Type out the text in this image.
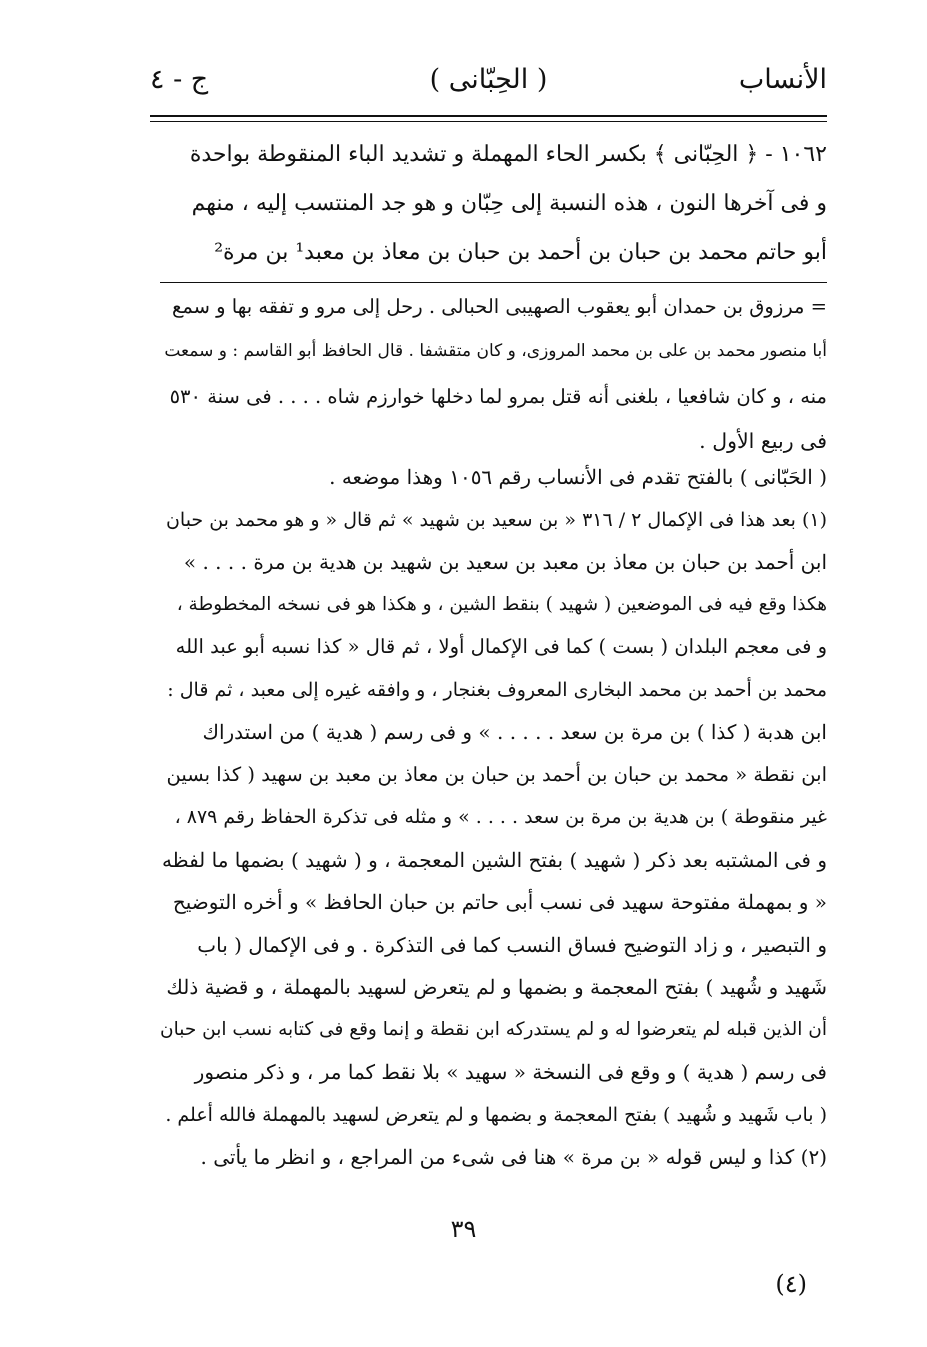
الأنساب
( الحِبّانى )
ج - ٤
١٠٦٢ - ﴿ الحِبّانى ﴾ بكسر الحاء المهملة و تشديد الباء المنقوطة بواحدة
و فى آخرها النون ، هذه النسبة إلى حِبّان و هو جد المنتسب إليه ، منهم
أبو حاتم محمد بن حبان بن أحمد بن حبان بن معاذ بن معبد¹ بن مرة²

= مرزوق بن حمدان أبو يعقوب الصهيبى الحبالى . رحل إلى مرو و تفقه بها و سمع

أبا منصور محمد بن على بن محمد المروزى، و كان متقشفا . قال الحافظ أبو القاسم : و سمعت

منه ، و كان شافعيا ، بلغنى أنه قتل بمرو لما دخلها خوارزم شاه . . . . فى سنة ٥٣٠

فى ربيع الأول .

( الحَبّانى ) بالفتح تقدم فى الأنساب رقم ١٠٥٦ وهذا موضعه .

(١) بعد هذا فى الإكمال ٢ / ٣١٦ « بن سعيد بن شهيد » ثم قال « و هو محمد بن حبان

ابن أحمد بن حبان بن معاذ بن معبد بن سعيد بن شهيد بن هدية بن مرة . . . . »

هكذا وقع فيه فى الموضعين ( شهيد ) بنقط الشين ، و هكذا هو فى نسخه المخطوطة ،

و فى معجم البلدان ( بست ) كما فى الإكمال أولا ، ثم قال « كذا نسبه أبو عبد الله

محمد بن أحمد بن محمد البخارى المعروف بغنجار ، و وافقه غيره إلى معبد ، ثم قال :

ابن هدبة ( كذا ) بن مرة بن سعد . . . . . » و فى رسم ( هدية ) من استدراك

ابن نقطة « محمد بن حبان بن أحمد بن حبان بن معاذ بن معبد بن سهيد ( كذا بسين

غير منقوطة ) بن هدية بن مرة بن سعد . . . . » و مثله فى تذكرة الحفاظ رقم ٨٧٩ ،

و فى المشتبه بعد ذكر ( شهيد ) بفتح الشين المعجمة ، و ( شهيد ) بضمها ما لفظه

« و بمهملة مفتوحة سهيد فى نسب أبى حاتم بن حبان الحافظ » و أخره التوضيح

و التبصير ، و زاد التوضيح فساق النسب كما فى التذكرة . و فى الإكمال ( باب

شَهيد و شُهيد ) بفتح المعجمة و بضمها و لم يتعرض لسهيد بالمهملة ، و قضية ذلك

أن الذين قبله لم يتعرضوا له و لم يستدركه ابن نقطة و إنما وقع فى كتابه نسب ابن حبان

فى رسم ( هدية ) و وقع فى النسخة « سهيد » بلا نقط كما مر ، و ذكر منصور

( باب شَهيد و شُهيد ) بفتح المعجمة و بضمها و لم يتعرض لسهيد بالمهملة فالله أعلم .

(٢) كذا و ليس قوله « بن مرة » هنا فى شىء من المراجع ، و انظر ما يأتى .

٣٩
(٤)
